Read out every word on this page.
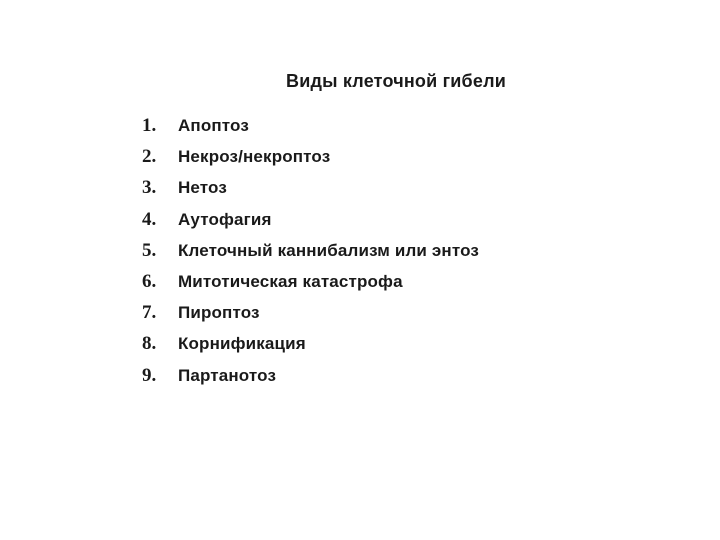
Виды клеточной гибели
1.	Апоптоз
2.	Некроз/некроптоз
3.	Нетоз
4.	Аутофагия
5.	Клеточный каннибализм или энтоз
6.	Митотическая катастрофа
7.	Пироптоз
8.	Корнификация
9.	Партанотоз
